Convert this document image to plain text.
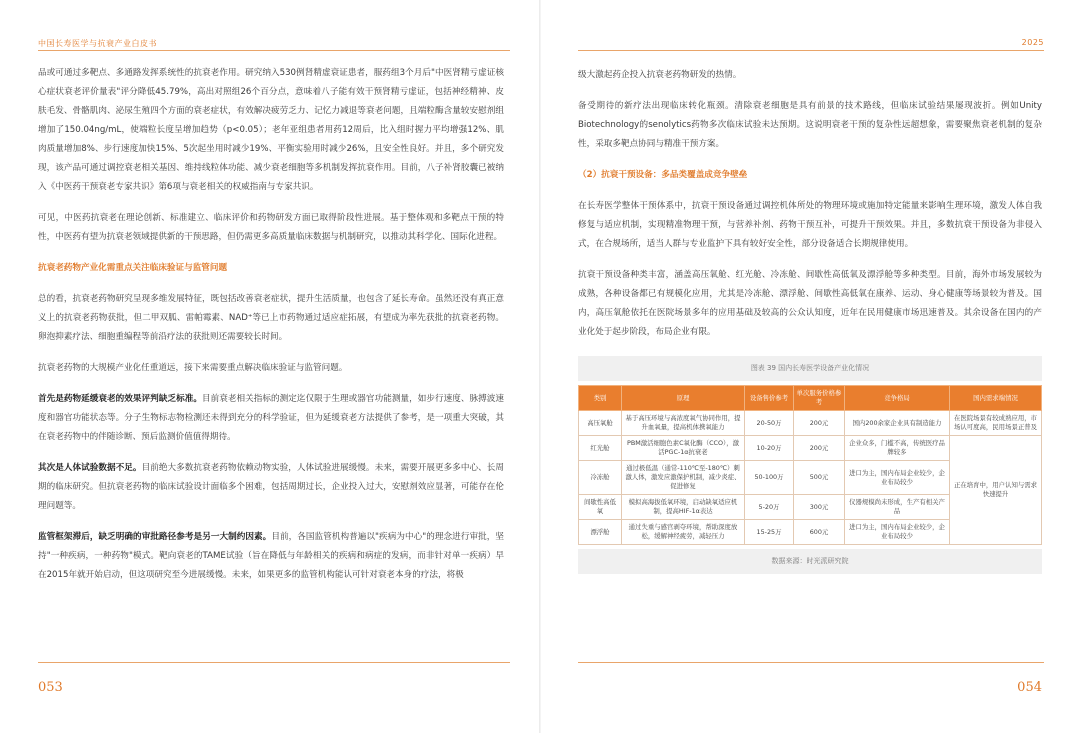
中国长寿医学与抗衰产业白皮书

品或可通过多靶点、多通路发挥系统性的抗衰老作用。研究纳入530例肾精虚衰证患者，服药组3个月后"中医肾精亏虚证核心症状衰老评价量表"评分降低45.79%，高出对照组26个百分点，意味着八子能有效干预肾精亏虚证，包括神经精神、皮肤毛发、骨骼肌肉、泌尿生殖四个方面的衰老症状，有效解决疲劳乏力、记忆力减退等衰老问题，且端粒酶含量较安慰剂组增加了150.04ng/mL，使端粒长度呈增加趋势（p<0.05）；老年亚组患者用药12周后，比入组时握力平均增强12%、肌肉质量增加8%、步行速度加快15%、5次起坐用时减少19%、平衡实验用时减少26%，且安全性良好。并且，多个研究发现，该产品可通过调控衰老相关基因、维持线粒体功能、减少衰老细胞等多机制发挥抗衰作用。目前，八子补肾胶囊已被纳入《中医药干预衰老专家共识》第6项与衰老相关的权威指南与专家共识。

可见，中医药抗衰老在理论创新、标准建立、临床评价和药物研发方面已取得阶段性进展。基于整体观和多靶点干预的特性，中医药有望为抗衰老领域提供新的干预思路，但仍需更多高质量临床数据与机制研究，以推动其科学化、国际化进程。

抗衰老药物产业化需重点关注临床验证与监管问题

总的看，抗衰老药物研究呈现多维发展特征，既包括改善衰老症状，提升生活质量，也包含了延长寿命。虽然还没有真正意义上的抗衰老药物获批，但二甲双胍、雷帕霉素、NAD⁺等已上市药物通过适应症拓展，有望成为率先获批的抗衰老药物。卵泡抑素疗法、细胞重编程等前沿疗法的获批则还需要较长时间。

抗衰老药物的大规模产业化任重道远，接下来需要重点解决临床验证与监管问题。

首先是药物延缓衰老的效果评判缺乏标准。目前衰老相关指标的测定迄仅限于生理或器官功能测量，如步行速度、脉搏波速度和器官功能状态等。分子生物标志物检测还未得到充分的科学验证，但为延缓衰老方法提供了参考，是一项重大突破，其在衰老药物中的伴随诊断、预后监测价值值得期待。

其次是人体试验数据不足。目前绝大多数抗衰老药物依赖动物实验，人体试验进展缓慢。未来，需要开展更多多中心、长周期的临床研究。但抗衰老药物的临床试验设计面临多个困难，包括周期过长，企业投入过大，安慰剂效应显著，可能存在伦理问题等。

监管框架滞后，缺乏明确的审批路径参考是另一大制约因素。目前，各国监管机构普遍以"疾病为中心"的理念进行审批，坚持"一种疾病，一种药物"模式。靶向衰老的TAME试验（旨在降低与年龄相关的疾病和病症的发病，而非针对单一疾病）早在2015年就开始启动，但这项研究至今进展缓慢。未来，如果更多的监管机构能认可针对衰老本身的疗法，将极

053
2025

级大激起药企投入抗衰老药物研发的热情。

备受期待的新疗法出现临床转化瓶颈。清除衰老细胞是具有前景的技术路线，但临床试验结果屡现波折。例如Unity Biotechnology的senolytics药物多次临床试验未达预期。这说明衰老干预的复杂性远超想象，需要聚焦衰老机制的复杂性，采取多靶点协同与精准干预方案。

（2）抗衰干预设备：多品类覆盖成竞争壁垒

在长寿医学整体干预体系中，抗衰干预设备通过调控机体所处的物理环境或施加特定能量来影响生理环境，激发人体自我修复与适应机制，实现精准物理干预，与营养补剂、药物干预互补，可提升干预效果。并且，多数抗衰干预设备为非侵入式，在合规场所，适当人群与专业监护下具有较好安全性，部分设备适合长期规律使用。

抗衰干预设备种类丰富，涵盖高压氧舱、红光舱、冷冻舱、间歇性高低氧及漂浮舱等多种类型。目前，海外市场发展较为成熟，各种设备都已有规模化应用，尤其是冷冻舱、漂浮舱、间歇性高低氧在康养、运动、身心健康等场景较为普及。国内，高压氧舱依托在医院场景多年的应用基础及较高的公众认知度，近年在民用健康市场迅速普及。其余设备在国内的产业化处于起步阶段，布局企业有限。

图表 39 国内长寿医学设备产业化情况
类别	原理	设备售价参考	单次服务价格参考	竞争格局	国内需求端情况
高压氧舱	基于高压环境与高浓度氧气协同作用，提升血氧量，提高机体携氧能力	20-50万	200元	国内200余家企业具有制造能力	在医院场景有较成熟应用，市场认可度高，民用场景正普及
红光舱	PBM激活细胞色素C氧化酶（CCO），激活PGC-1α抗衰老	10-20万	200元	企业众多，门槛不高，传统医疗品牌较多	正在培育中，用户认知与需求快速提升
冷冻舱	通过极低温（通常-110℃至-180℃）刺激人体，激发应激保护机制，减少炎症、促进修复	50-100万	500元	进口为主，国内布局企业较少，企业布局较少	
间歇性高低氧	模拟高海拔低氧环境，启动缺氧适应机制，提高HIF-1α表达	5-20万	300元	仪器规模尚未形成，生产有相关产品	
漂浮舱	通过失重与感官剥夺环境，帮助深度放松，缓解神经疲劳，减轻压力	15-25万	600元	进口为主，国内布局企业较少，企业布局较少	
数据来源：时光派研究院
054
